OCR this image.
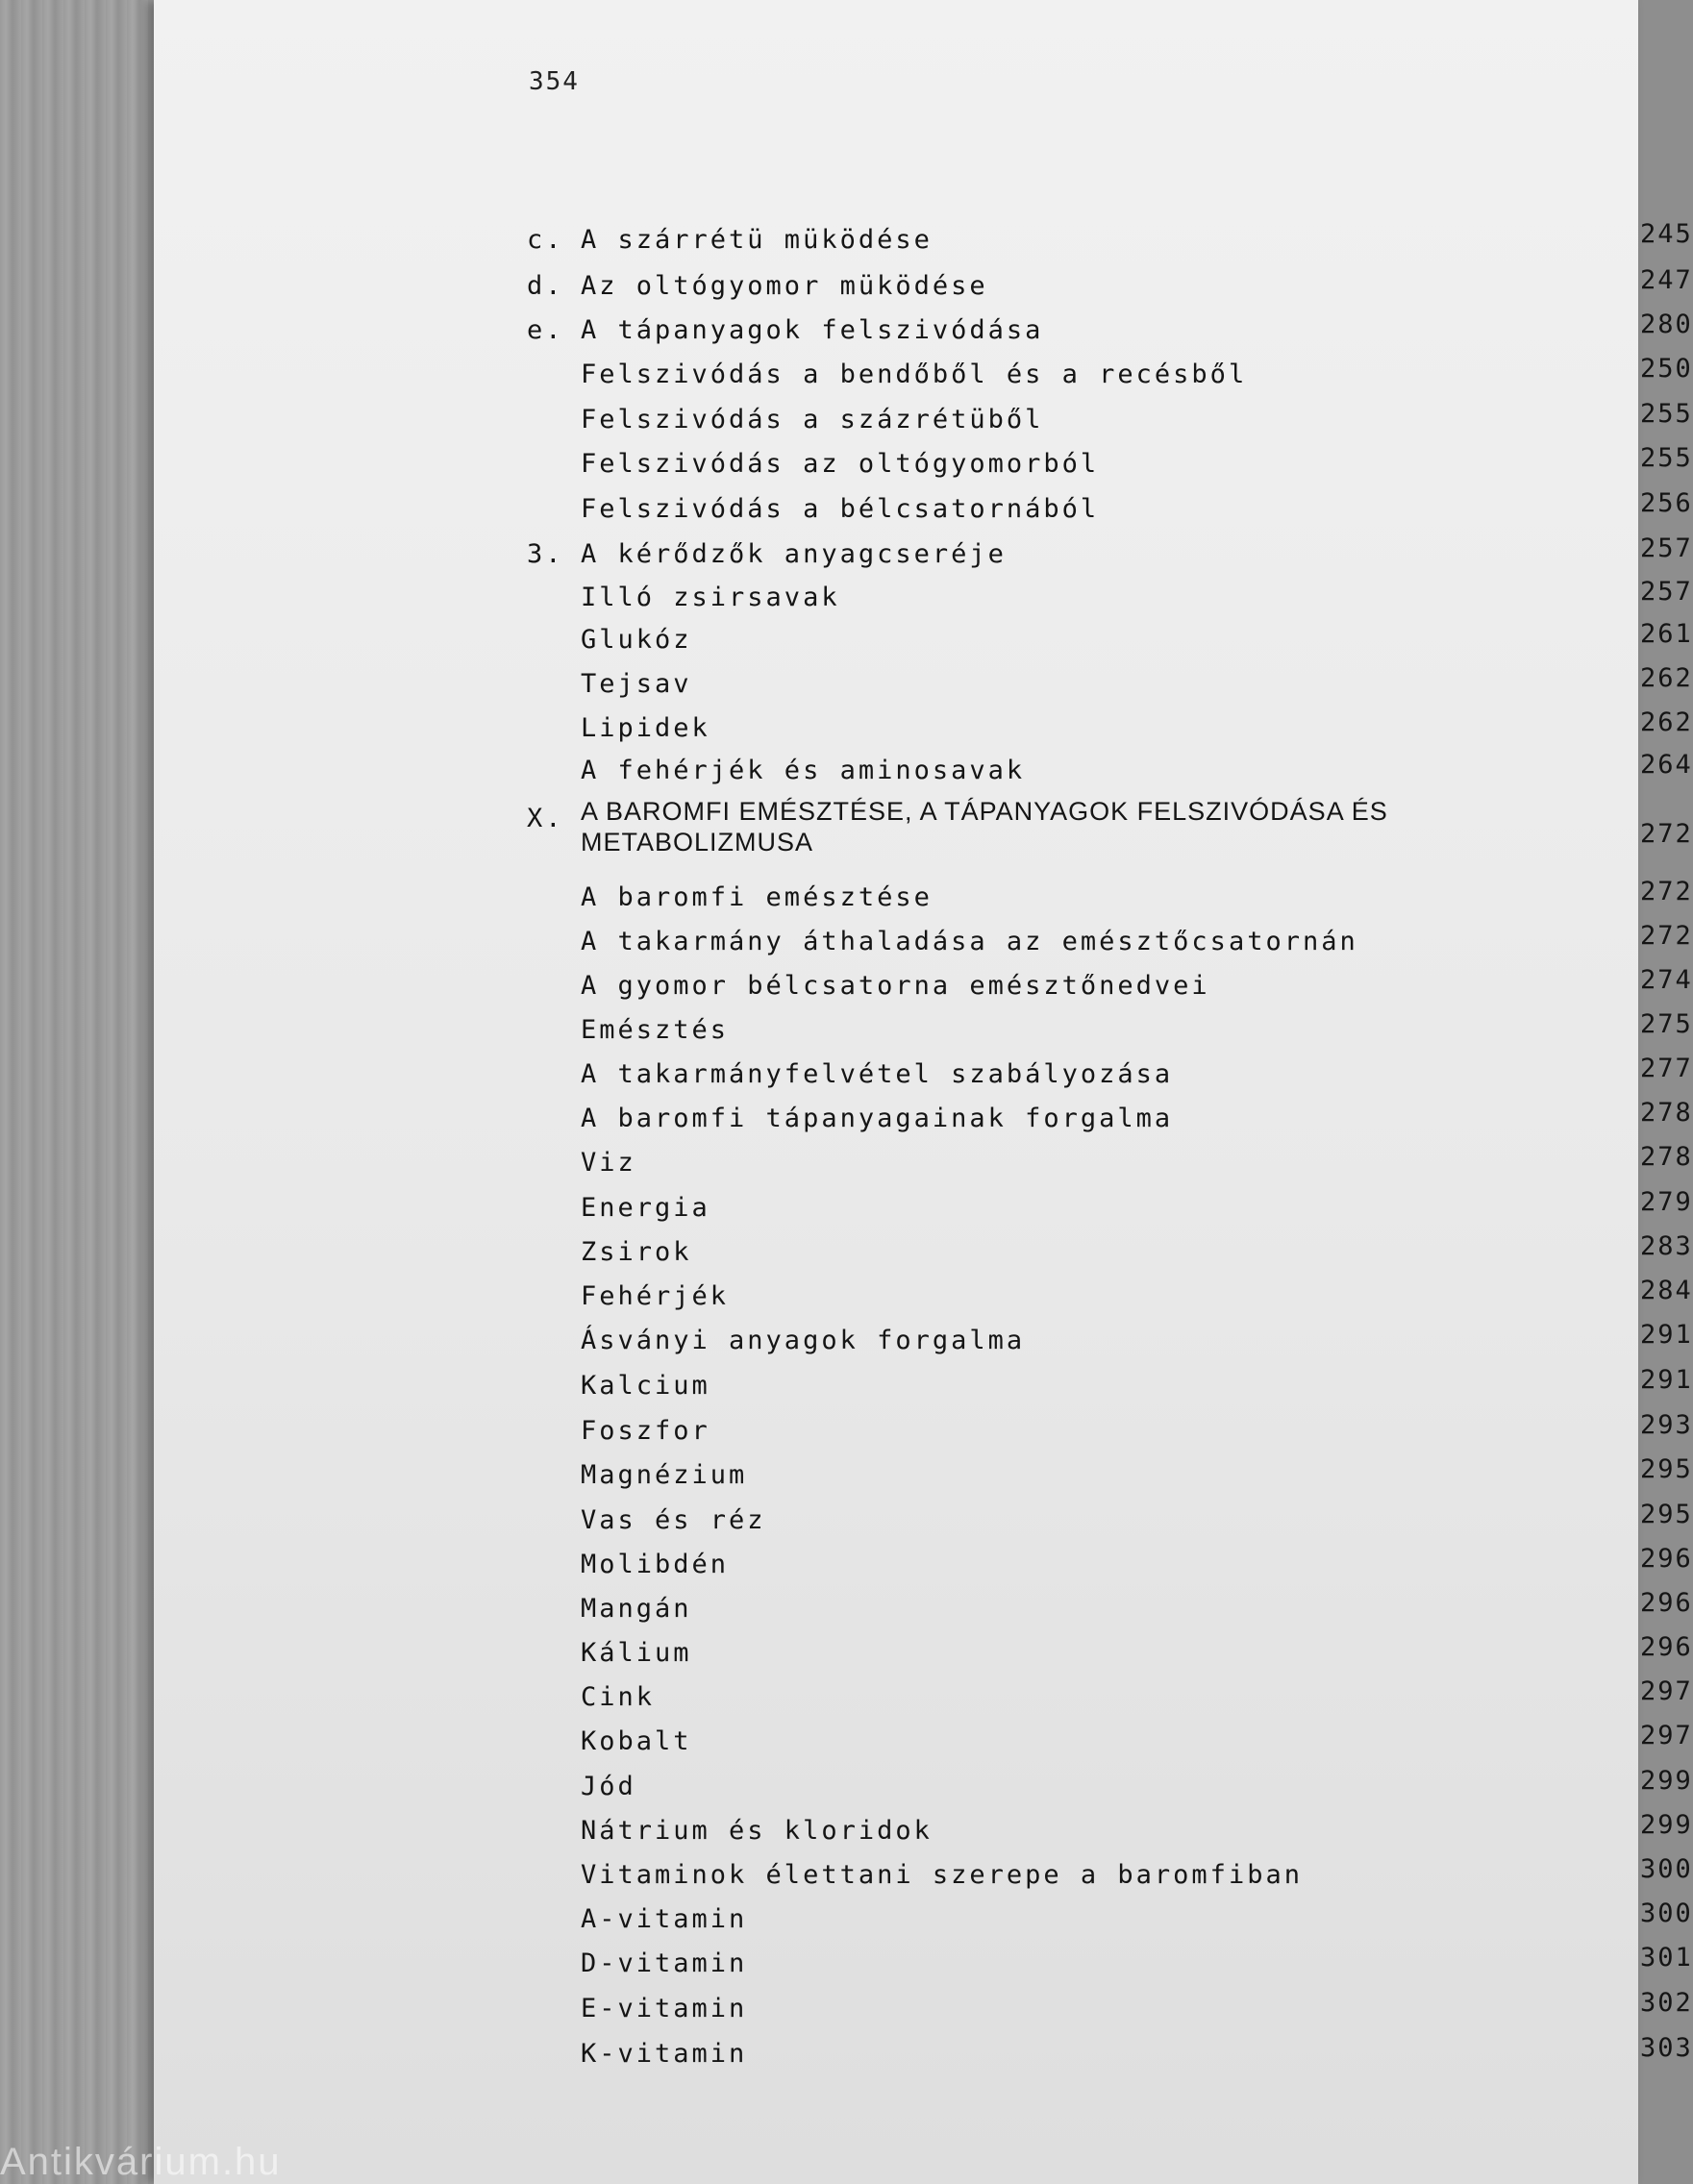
354
c. A szárrétü müködése	245
d. Az oltógyomor müködése	247
e. A tápanyagok felszivódása	280
Felszivódás a bendőből és a recésből	250
Felszivódás a százrétüből	255
Felszivódás az oltógyomorból	255
Felszivódás a bélcsatornából	256
3. A kérődzők anyagcseréje	257
Illó zsirsavak	257
Glukóz	261
Tejsav	262
Lipidek	262
A fehérjék és aminosavak	264
X. A BAROMFI EMÉSZTÉSE, A TÁPANYAGOK FELSZIVÓDÁSA ÉS
METABOLIZMUSA	272
A baromfi emésztése	272
A takarmány áthaladása az emésztőcsatornán	272
A gyomor bélcsatorna emésztőnedvei	274
Emésztés	275
A takarmányfelvétel szabályozása	277
A baromfi tápanyagainak forgalma	278
Viz	278
Energia	279
Zsirok	283
Fehérjék	284
Ásványi anyagok forgalma	291
Kalcium	291
Foszfor	293
Magnézium	295
Vas és réz	295
Molibdén	296
Mangán	296
Kálium	296
Cink	297
Kobalt	297
Jód	299
Nátrium és kloridok	299
Vitaminok élettani szerepe a baromfiban	300
A-vitamin	300
D-vitamin	301
E-vitamin	302
K-vitamin	303
Antikvárium.hu
